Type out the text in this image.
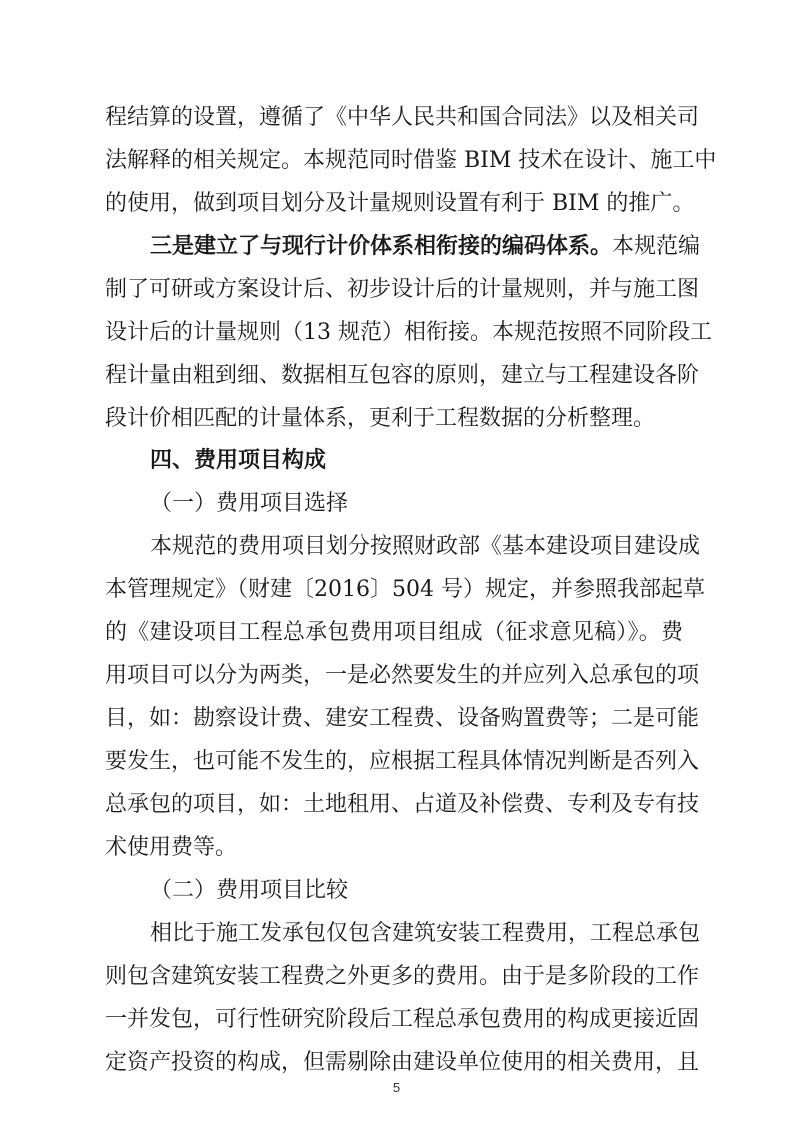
程结算的设置，遵循了《中华人民共和国合同法》以及相关司
法解释的相关规定。本规范同时借鉴 BIM 技术在设计、施工中
的使用，做到项目划分及计量规则设置有利于 BIM 的推广。
三是建立了与现行计价体系相衔接的编码体系。本规范编
制了可研或方案设计后、初步设计后的计量规则，并与施工图
设计后的计量规则（13 规范）相衔接。本规范按照不同阶段工
程计量由粗到细、数据相互包容的原则，建立与工程建设各阶
段计价相匹配的计量体系，更利于工程数据的分析整理。
四、费用项目构成
（一）费用项目选择
本规范的费用项目划分按照财政部《基本建设项目建设成
本管理规定》（财建〔2016〕504 号）规定，并参照我部起草
的《建设项目工程总承包费用项目组成（征求意见稿）》。费
用项目可以分为两类，一是必然要发生的并应列入总承包的项
目，如：勘察设计费、建安工程费、设备购置费等；二是可能
要发生，也可能不发生的，应根据工程具体情况判断是否列入
总承包的项目，如：土地租用、占道及补偿费、专利及专有技
术使用费等。
（二）费用项目比较
相比于施工发承包仅包含建筑安装工程费用，工程总承包
则包含建筑安装工程费之外更多的费用。由于是多阶段的工作
一并发包，可行性研究阶段后工程总承包费用的构成更接近固
定资产投资的构成，但需剔除由建设单位使用的相关费用，且
5
